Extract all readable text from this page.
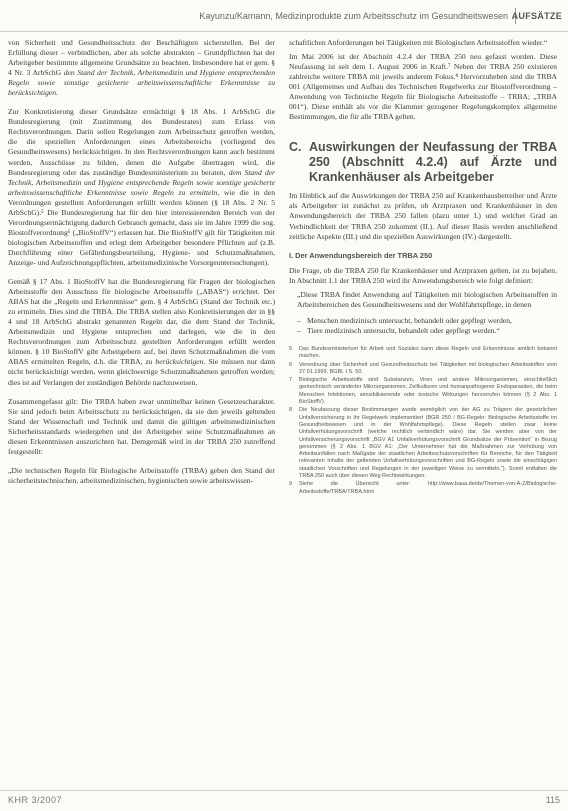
Kayunzu/Kamann, Medizinprodukte zum Arbeitsschutz im Gesundheitswesen AUFSÄTZE

von Sicherheit und Gesundheitsschutz der Beschäftigten sicherstellen. Bei der Erfüllung dieser – verbindlichen, aber als solche abstrakten – Grundpflichten hat der Arbeitgeber bestimmte allgemeine Grundsätze zu beachten. Insbesondere hat er gem. § 4 Nr. 3 ArbSchG den Stand der Technik, Arbeitsmedizin und Hygiene entsprechenden Regeln sowie sonstige gesicherte arbeitswissenschaftliche Erkenntnisse zu berücksichtigen.

Zur Konkretisierung dieser Grundsätze ermächtigt § 18 Abs. 1 ArbSchG die Bundesregierung (mit Zustimmung des Bundesrates) zum Erlass von Rechtsverordnungen. Darin sollen Regelungen zum Arbeitsschutz getroffen werden, die die speziellen Anforderungen eines Arbeitsbereichs (vorliegend des Gesundheitswesens) berücksichtigen. In den Rechtsverordnungen kann auch bestimmt werden, Ausschüsse zu bilden, denen die Aufgabe übertragen wird, die Bundesregierung oder das zuständige Bundesministerium zu beraten, dem Stand der Technik, Arbeitsmedizin und Hygiene entsprechende Regeln sowie sonstige gesicherte arbeitswissenschaftliche Erkenntnisse sowie Regeln zu ermitteln, wie die in den Verordnungen gestellten Anforderungen erfüllt werden können (§ 18 Abs. 2 Nr. 5 ArbSchG).⁵ Die Bundesregierung hat für den hier interessierenden Bereich von der Verordnungsermächtigung dadurch Gebrauch gemacht, dass sie im Jahre 1999 die sog. Biostoffverordnung⁶ („BioStoffV“) erlassen hat. Die BioStoffV gilt für Tätigkeiten mit biologischen Arbeitsstoffen und erlegt dem Arbeitgeber besondere Pflichten auf (z.B. Durchführung einer Gefährdungsbeurteilung, Hygiene- und Schutzmaßnahmen, Anzeige- und Aufzeichnungspflichten, arbeitsmedizinische Vorsorgeuntersuchungen).

Gemäß § 17 Abs. 1 BioStoffV hat die Bundesregierung für Fragen der biologischen Arbeitsstoffe den Ausschuss für biologische Arbeitsstoffe („ABAS“) errichtet. Der ABAS hat die „Regeln und Erkenntnisse“ gem. § 4 ArbSchG (Stand der Technik etc.) zu ermitteln. Dies sind die TRBA. Die TRBA stellen also Konkretisierungen der in §§ 4 und 18 ArbSchG abstrakt genannten Regeln dar, die dem Stand der Technik, Arbeitsmedizin und Hygiene entsprechen und darlegen, wie die in den Rechtsverordnungen zum Arbeitsschutz gestellten Anforderungen erfüllt werden können. § 10 BioStoffV gibt Arbeitgebern auf, bei ihren Schutzmaßnahmen die vom ABAS ermittelten Regeln, d.h. die TRBA, zu berücksichtigen. Sie müssen nur dann nicht berücksichtigt werden, wenn gleichwertige Schutzmaßnahmen getroffen werden; dies ist auf Verlangen der zuständigen Behörde nachzuweisen.

Zusammengefasst gilt: Die TRBA haben zwar unmittelbar keinen Gesetzescharakter. Sie sind jedoch beim Arbeitsschutz zu berücksichtigen, da sie den jeweils geltenden Stand der Wissenschaft und Technik und damit die gültigen arbeitsmedizinischen Sicherheitsstandards wiedergeben und der Arbeitgeber seine Schutzmaßnahmen an diesen Erkenntnissen auszurichten hat. Demgemäß wird in der TRBA 250 zutreffend festgestellt:

„Die technischen Regeln für Biologische Arbeitsstoffe (TRBA) geben den Stand der sicherheitstechnischen, arbeitsmedizinischen, hygienischen sowie arbeitswissen-

schaftlichen Anforderungen bei Tätigkeiten mit Biologischen Arbeitsstoffen wieder.“

Im Mai 2006 ist der Abschnitt 4.2.4 der TRBA 250 neu gefasst worden. Diese Neufassung ist seit dem 1. August 2006 in Kraft.⁷ Neben der TRBA 250 existieren zahlreiche weitere TRBA mit jeweils anderem Fokus.⁸ Hervorzuheben sind die TRBA 001 (Allgemeines und Aufbau des Technischen Regelwerks zur Biostoffverordnung – Anwendung von Technische Regeln für Biologische Arbeitsstoffe – TRBA; „TRBA 001“). Diese enthält als vor die Klammer gezogener Regelungskomplex allgemeine Bestimmungen, die für alle TRBA gelten.

C. Auswirkungen der Neufassung der TRBA 250 (Abschnitt 4.2.4) auf Ärzte und Krankenhäuser als Arbeitgeber

Im Hinblick auf die Auswirkungen der TRBA 250 auf Krankenhausbetreiber und Ärzte als Arbeitgeber ist zunächst zu prüfen, ob Arztpraxen und Krankenhäuser in den Anwendungsbereich der TRBA 250 fallen (dazu unter I.) und welcher Grad an Verbindlichkeit der TRBA 250 zukommt (II.). Auf dieser Basis werden anschließend zeitliche Aspekte (III.) und die speziellen Auswirkungen (IV.) dargestellt.

I. Der Anwendungsbereich der TRBA 250

Die Frage, ob die TRBA 250 für Krankenhäuser und Arztpraxen gelten, ist zu bejahen. In Abschnitt 1.1 der TRBA 250 wird ihr Anwendungsbereich wie folgt definiert:

„Diese TRBA findet Anwendung auf Tätigkeiten mit biologischen Arbeitsstoffen in Arbeitsbereichen des Gesundheitswesens und der Wohlfahrtspflege, in denen

– Menschen medizinisch untersucht, behandelt oder gepflegt werden,
– Tiere medizinisch untersucht, behandelt oder gepflegt werden.“
5	Das Bundesministerium für Arbeit und Soziales kann diese Regeln und Erkenntnisse amtlich bekannt machen.
6	Verordnung über Sicherheit und Gesundheitsschutz bei Tätigkeiten mit biologischen Arbeitsstoffen vom 27.01.1999, BGBl. I S. 50.
7	Biologische Arbeitsstoffe sind Substanzen, Viren und andere Mikroorganismen, einschließlich gentechnisch veränderter Mikroorganismen, Zellkulturen und humanpathogener Endoparasiten, die beim Menschen Infektionen, sensibilisierende oder toxische Wirkungen hervorrufen können (§ 2 Abs. 1 BioStoffV).
8	Die Neufassung dieser Bestimmungen wurde womöglich von der AG zu Trägern der gesetzlichen Unfallversicherung in ihr Regelwerk implementiert (BGR 250 / BG-Regeln: Biologische Arbeitsstoffe im Gesundheitswesen und in der Wohlfahrtspflege). Diese Regeln stellen zwar keine Unfallverhütungsvorschrift (welche rechtlich verbindlich wäre) dar. Sie werden aber von der Unfallversicherungsvorschrift „BGV A1 Unfallverhütungsvorschrift Grundsätze der Prävention“ in Bezug genommen (§ 2 Abs. 1 BGV A1: „Der Unternehmer hat die Maßnahmen zur Verhütung von Arbeitsunfällen nach Maßgabe der staatlichen Arbeitsschutzvorschriften für Bereiche, für den Tätigkeit relevanten Inhalte der geltenden Unfallverhütungsvorschriften und BG-Regeln sowie die einschlägigen staatlichen Vorschriften und Regelungen in der jeweiligen Weise zu vermitteln.“). Somit entfalten die TRBA 250 auch über diesen Weg Rechtswirkungen.
9	Siehe die Übersicht unter: http://www.baua.de/de/Themen-von-A-Z/Biologische-Arbeitsstoffe/TRBA/TRBA.html
KHR 3/2007	115
